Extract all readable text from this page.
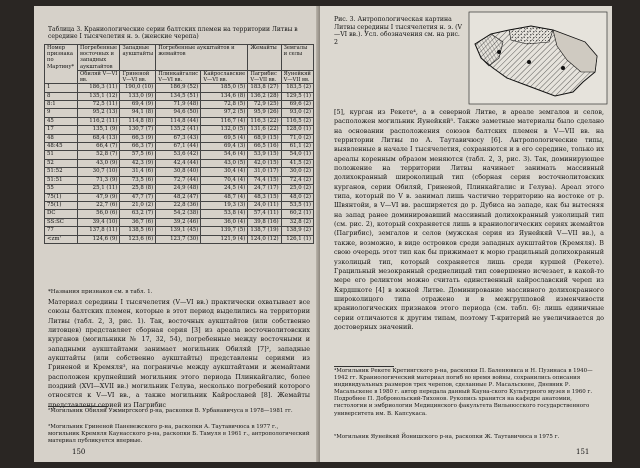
Таблица 3. Краниологические серии балтских племен на территории Литвы в середине I тысячелетия н. э. (женские черепа)
Номер признака по Мартину*	Погребенные восточных и западных аукштайтов	Западные аукштайты	Погребенные аукштайтов и жемайтов		Жемайты	Земгалы и селы
	Обиляй V—VI вв.	Гриненой V—VI вв.	Плинкайгалис V—VI вв.	Кайрославские V—VI вв.	Пагрибис V—VII вв.	Яунейкяй V—VII вв.
1	186,3 (11)	190,0 (10)	186,9 (52)	185,0 (5)	183,8 (27)	183,5 (2)
8	135,1 (12)	133,0 (9)	134,5 (51)	134,6 (8)	136,2 (28)	129,5 (1)
8:1	72,5 (11)	69,4 (9)	71,9 (48)	72,8 (5)	72,9 (25)	69,6 (2)
9	95,2 (13)	94,1 (8)	94,6 (50)	97,2 (5)	95,9 (26)	93,0 (2)
45	116,2 (11)	114,8 (8)	114,8 (44)	116,7 (4)	116,3 (22)	116,5 (2)
17	135,1 (9)	130,7 (7)	135,2 (41)	132,0 (5)	131,6 (22)	128,0 (1)
48	68,4 (13)	66,3 (9)	67,3 (43)	69,5 (4)	68,9 (15)	71,0 (2)
48:45	66,4 (7)	66,3 (7)	67,1 (44)	69,4 (3)	66,5 (16)	61,1 (2)
51	52,8 (7)	57,5 (6)	53,6 (42)	54,6 (4)	53,9 (15)	54,0 (1)
52	43,0 (9)	42,3 (9)	42,4 (44)	43,0 (5)	42,0 (15)	41,5 (2)
51:52	30,7 (10)	31,4 (6)	30,8 (40)	30,4 (4)	31,0 (17)	30,0 (2)
51:51	71,3 (9)	73,5 (6)	72,7 (44)	70,4 (4)	74,4 (15)	72,4 (2)
55	25,1 (11)	25,8 (8)	24,9 (48)	24,5 (4)	24,7 (17)	25,0 (2)
75(1)	47,9 (9)	47,7 (7)	48,2 (47)	48,7 (4)	48,3 (15)	48,0 (2)
75(1)	22,7 (6)	21,0 (2)	22,8 (36)	19,3 (3)	24,0 (11)	53,5 (1)
DC	56,0 (6)	63,2 (7)	54,2 (38)	53,8 (4)	57,4 (11)	60,2 (1)
SS:SC	39,4 (10)	36,7 (6)	39,2 (46)	36,0 (4)	39,8 (16)	32,8 (2)
77	137,8 (11)	138,5 (6)	139,1 (45)	139,7 (5)	138,7 (19)	138,9 (2)
<zm'	124,6 (9)	123,6 (6)	123,7 (30)	121,9 (4)	124,0 (12)	126,1 (1)
*Названия признаков см. в табл. 1.
Материал середины I тысячелетия (V—VI вв.) практически охватывает все союзы балтских племен, которые в этот период выделились на территории Литвы (табл. 2, 3, рис. 1). Так, восточных аукштайтов (или собственно литовцев) представляет сборная серия [3] из ареала восточнолитовских курганов (могильники № 17, 32, 54), погребенные между восточными и западными аукштайтами занимает могильник Обиляй [7]², западные аукштайты (или собственно аукштайты) представлены сериями из Гриненой и Кремяля³, на пограничье между аукштайтами и жемайтами расположен крупнейший могильник этого периода Плинкайгалис, более поздний (XVI—XVII вв.) могильник Гелува, несколько погребений которого относятся к V—VI вв., а также могильник Кайрославей [8]. Жемайты представлены серией из Пагрибис
²Могильник Обиляй Ужмиргского р-на, раскопки В. Урбанавичуса в 1978—1981 гг.
³Могильник Гриненой Паневежского р-на, раскопки А. Таутавичюса в 1977 г., могильник Кремяля Каунасского р-на, раскопки Б. Тамуля в 1961 г., антропологический материал публикуется впервые.
150
Рис. 3. Антропологическая картина Литвы середины I тысячелетия н. э. (V—VI вв.). Усл. обозначения см. на рис. 2
[5], курган из Рекете⁴, а в северной Литве, в ареале земгалов и селов, расположен могильник Яунейкяй⁵. Также заметные материалы было сделано на основании расположения союзов балтских племен в V—VII вв. на территории Литвы по А. Таутавичюсу [6]. Антропологические типы, выявленные в начале I тысячелетия, сохраняются и в его середине, только их ареалы коренным образом меняются (табл. 2, 3, рис. 3). Так, доминирующее положение на территории Литвы начинает занимать массивный долихокранный широколицый тип (сборная серия восточнолитовских курганов, серии Обиляй, Гриненой, Плинкайгалис и Гелува). Ареал этого типа, который по V в. занимал лишь частично территорию на востоке от р. Швянтойи, в V—VI вв. расширяется до р. Дубиса на западе, как бы вытесняя на запад ранее доминировавший массивный долихокранный узколицый тип (см. рис. 2), который сохраняется лишь в краниологических сериях жемайтов (Пагрибис), земгалов и селов (мужская серия из Яунейкяй V—VII вв.), а также, возможно, в виде островков среди западных аукштайтов (Кремяля). В свою очередь этот тип как бы прижимает к морю грацильный долихокранный узколицый тип, который сохраняется лишь среди куршей (Рекете). Грацильный мезокранный среднелицый тип совершенно исчезает, в какой-то мере его реликтом можно считать единственный кайрославский череп из Кярдшкоте [4] в южной Литве. Доминирование массивного долихокранного широколицого типа отражено и в межгрупповой изменчивости краниологических признаков этого периода (см. табл. 6): лишь единичные серии отличаются к другим типам, поэтому Т-критерий не увеличивается до достоверных значений.
⁴Могильник Рекете Кретингского р-на, раскопки П. Баленювкса и Н. Пузинаса в 1940—1942 гг. Краниологический материал погиб во время войны, сохранились описания индивидуальных размеров трех черепов, сделанные Р. Масальскене, Дневник Р. Масальскене в 1980 г. автор передала данный Кауна-ского Культурного музея в 1960 г. Подробнее П. Добровольский-Тихонов. Рукопись хранится на кафедре анатомии, гистологии и эмбриологии Медицинского факультета Вильнюсского государственного университета им. В. Капсукаса.
⁵Могильник Яунейкяй Йонишского р-на, раскопки Ж. Таутавичюса в 1975 г.
151
